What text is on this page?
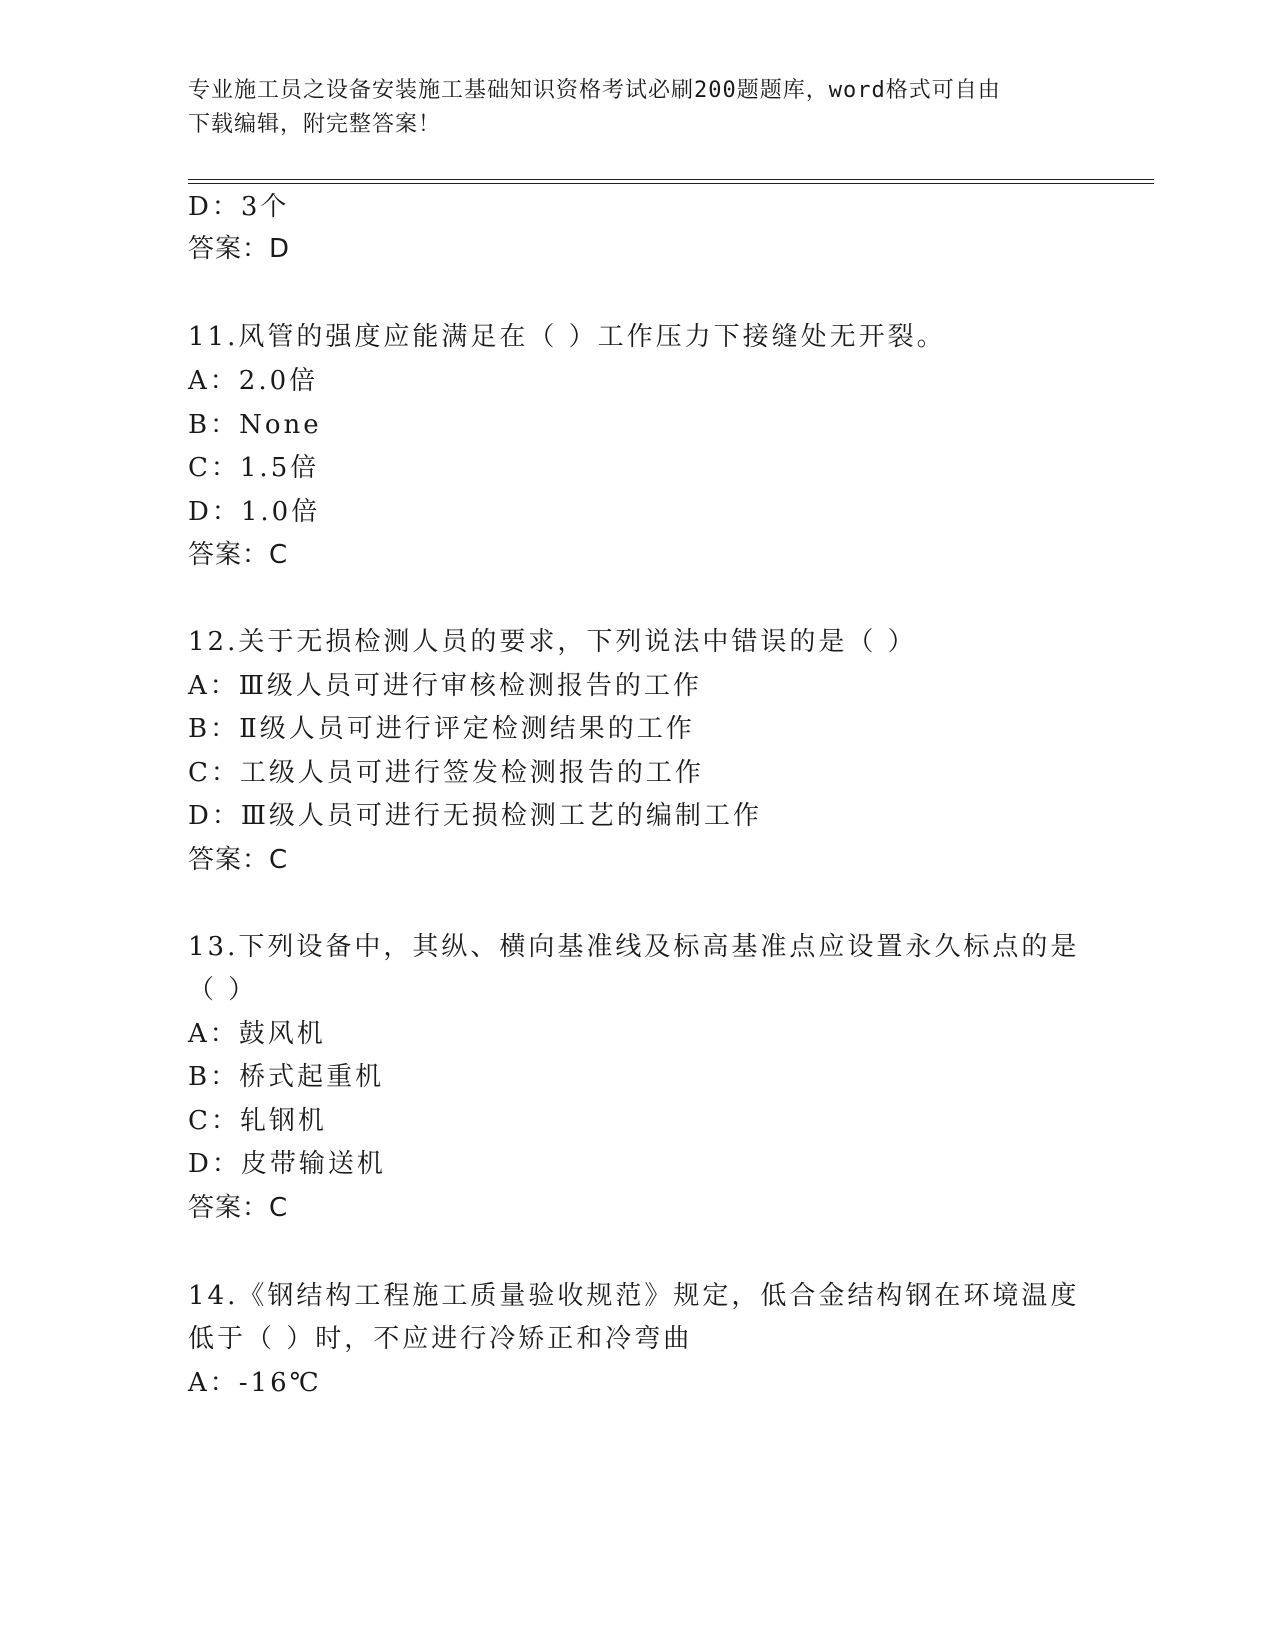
专业施工员之设备安装施工基础知识资格考试必刷200题题库，word格式可自由
下载编辑，附完整答案！
D：3个
答案：D
11.风管的强度应能满足在（ ）工作压力下接缝处无开裂。
A：2.0倍
B：None
C：1.5倍
D：1.0倍
答案：C
12.关于无损检测人员的要求，下列说法中错误的是（ ）
A：Ⅲ级人员可进行审核检测报告的工作
B：Ⅱ级人员可进行评定检测结果的工作
C：工级人员可进行签发检测报告的工作
D：Ⅲ级人员可进行无损检测工艺的编制工作
答案：C
13.下列设备中，其纵、横向基准线及标高基准点应设置永久标点的是
（ ）
A：鼓风机
B：桥式起重机
C：轧钢机
D：皮带输送机
答案：C
14.《钢结构工程施工质量验收规范》规定，低合金结构钢在环境温度
低于（ ）时，不应进行冷矫正和冷弯曲
A：-16℃
